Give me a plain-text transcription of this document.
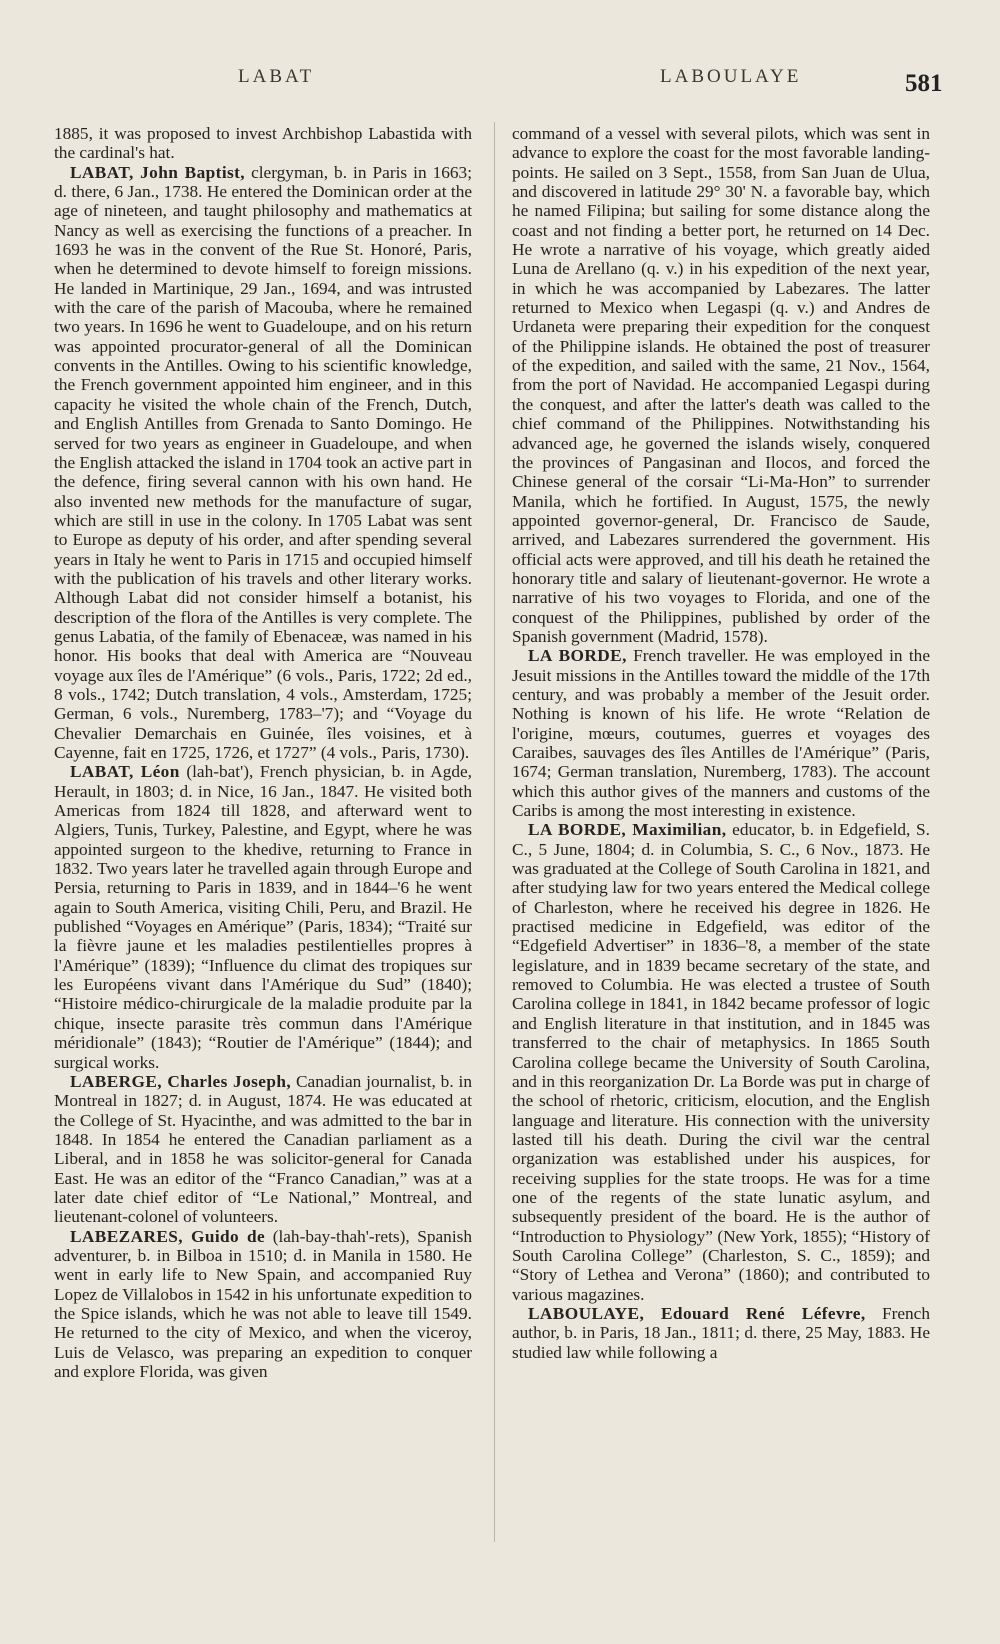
LABAT	LABOULAYE	581

1885, it was proposed to invest Archbishop Labastida with the cardinal's hat.

LABAT, John Baptist, clergyman, b. in Paris in 1663; d. there, 6 Jan., 1738. He entered the Dominican order at the age of nineteen, and taught philosophy and mathematics at Nancy as well as exercising the functions of a preacher. In 1693 he was in the convent of the Rue St. Honoré, Paris, when he determined to devote himself to foreign missions. He landed in Martinique, 29 Jan., 1694, and was intrusted with the care of the parish of Macouba, where he remained two years. In 1696 he went to Guadeloupe, and on his return was appointed procurator-general of all the Dominican convents in the Antilles. Owing to his scientific knowledge, the French government appointed him engineer, and in this capacity he visited the whole chain of the French, Dutch, and English Antilles from Grenada to Santo Domingo. He served for two years as engineer in Guadeloupe, and when the English attacked the island in 1704 took an active part in the defence, firing several cannon with his own hand. He also invented new methods for the manufacture of sugar, which are still in use in the colony. In 1705 Labat was sent to Europe as deputy of his order, and after spending several years in Italy he went to Paris in 1715 and occupied himself with the publication of his travels and other literary works. Although Labat did not consider himself a botanist, his description of the flora of the Antilles is very complete. The genus Labatia, of the family of Ebenaceæ, was named in his honor. His books that deal with America are “Nouveau voyage aux îles de l'Amérique” (6 vols., Paris, 1722; 2d ed., 8 vols., 1742; Dutch translation, 4 vols., Amsterdam, 1725; German, 6 vols., Nuremberg, 1783–'7); and “Voyage du Chevalier Demarchais en Guinée, îles voisines, et à Cayenne, fait en 1725, 1726, et 1727” (4 vols., Paris, 1730).

LABAT, Léon (lah-bat'), French physician, b. in Agde, Herault, in 1803; d. in Nice, 16 Jan., 1847. He visited both Americas from 1824 till 1828, and afterward went to Algiers, Tunis, Turkey, Palestine, and Egypt, where he was appointed surgeon to the khedive, returning to France in 1832. Two years later he travelled again through Europe and Persia, returning to Paris in 1839, and in 1844–'6 he went again to South America, visiting Chili, Peru, and Brazil. He published “Voyages en Amérique” (Paris, 1834); “Traité sur la fièvre jaune et les maladies pestilentielles propres à l'Amérique” (1839); “Influence du climat des tropiques sur les Européens vivant dans l'Amérique du Sud” (1840); “Histoire médico-chirurgicale de la maladie produite par la chique, insecte parasite très commun dans l'Amérique méridionale” (1843); “Routier de l'Amérique” (1844); and surgical works.

LABERGE, Charles Joseph, Canadian journalist, b. in Montreal in 1827; d. in August, 1874. He was educated at the College of St. Hyacinthe, and was admitted to the bar in 1848. In 1854 he entered the Canadian parliament as a Liberal, and in 1858 he was solicitor-general for Canada East. He was an editor of the “Franco Canadian,” was at a later date chief editor of “Le National,” Montreal, and lieutenant-colonel of volunteers.

LABEZARES, Guido de (lah-bay-thah'-rets), Spanish adventurer, b. in Bilboa in 1510; d. in Manila in 1580. He went in early life to New Spain, and accompanied Ruy Lopez de Villalobos in 1542 in his unfortunate expedition to the Spice islands, which he was not able to leave till 1549. He returned to the city of Mexico, and when the viceroy, Luis de Velasco, was preparing an expedition to conquer and explore Florida, was given

command of a vessel with several pilots, which was sent in advance to explore the coast for the most favorable landing-points. He sailed on 3 Sept., 1558, from San Juan de Ulua, and discovered in latitude 29° 30' N. a favorable bay, which he named Filipina; but sailing for some distance along the coast and not finding a better port, he returned on 14 Dec. He wrote a narrative of his voyage, which greatly aided Luna de Arellano (q. v.) in his expedition of the next year, in which he was accompanied by Labezares. The latter returned to Mexico when Legaspi (q. v.) and Andres de Urdaneta were preparing their expedition for the conquest of the Philippine islands. He obtained the post of treasurer of the expedition, and sailed with the same, 21 Nov., 1564, from the port of Navidad. He accompanied Legaspi during the conquest, and after the latter's death was called to the chief command of the Philippines. Notwithstanding his advanced age, he governed the islands wisely, conquered the provinces of Pangasinan and Ilocos, and forced the Chinese general of the corsair “Li-Ma-Hon” to surrender Manila, which he fortified. In August, 1575, the newly appointed governor-general, Dr. Francisco de Saude, arrived, and Labezares surrendered the government. His official acts were approved, and till his death he retained the honorary title and salary of lieutenant-governor. He wrote a narrative of his two voyages to Florida, and one of the conquest of the Philippines, published by order of the Spanish government (Madrid, 1578).

LA BORDE, French traveller. He was employed in the Jesuit missions in the Antilles toward the middle of the 17th century, and was probably a member of the Jesuit order. Nothing is known of his life. He wrote “Relation de l'origine, mœurs, coutumes, guerres et voyages des Caraibes, sauvages des îles Antilles de l'Amérique” (Paris, 1674; German translation, Nuremberg, 1783). The account which this author gives of the manners and customs of the Caribs is among the most interesting in existence.

LA BORDE, Maximilian, educator, b. in Edgefield, S. C., 5 June, 1804; d. in Columbia, S. C., 6 Nov., 1873. He was graduated at the College of South Carolina in 1821, and after studying law for two years entered the Medical college of Charleston, where he received his degree in 1826. He practised medicine in Edgefield, was editor of the “Edgefield Advertiser” in 1836–'8, a member of the state legislature, and in 1839 became secretary of the state, and removed to Columbia. He was elected a trustee of South Carolina college in 1841, in 1842 became professor of logic and English literature in that institution, and in 1845 was transferred to the chair of metaphysics. In 1865 South Carolina college became the University of South Carolina, and in this reorganization Dr. La Borde was put in charge of the school of rhetoric, criticism, elocution, and the English language and literature. His connection with the university lasted till his death. During the civil war the central organization was established under his auspices, for receiving supplies for the state troops. He was for a time one of the regents of the state lunatic asylum, and subsequently president of the board. He is the author of “Introduction to Physiology” (New York, 1855); “History of South Carolina College” (Charleston, S. C., 1859); and “Story of Lethea and Verona” (1860); and contributed to various magazines.

LABOULAYE, Edouard René Léfevre, French author, b. in Paris, 18 Jan., 1811; d. there, 25 May, 1883. He studied law while following a
